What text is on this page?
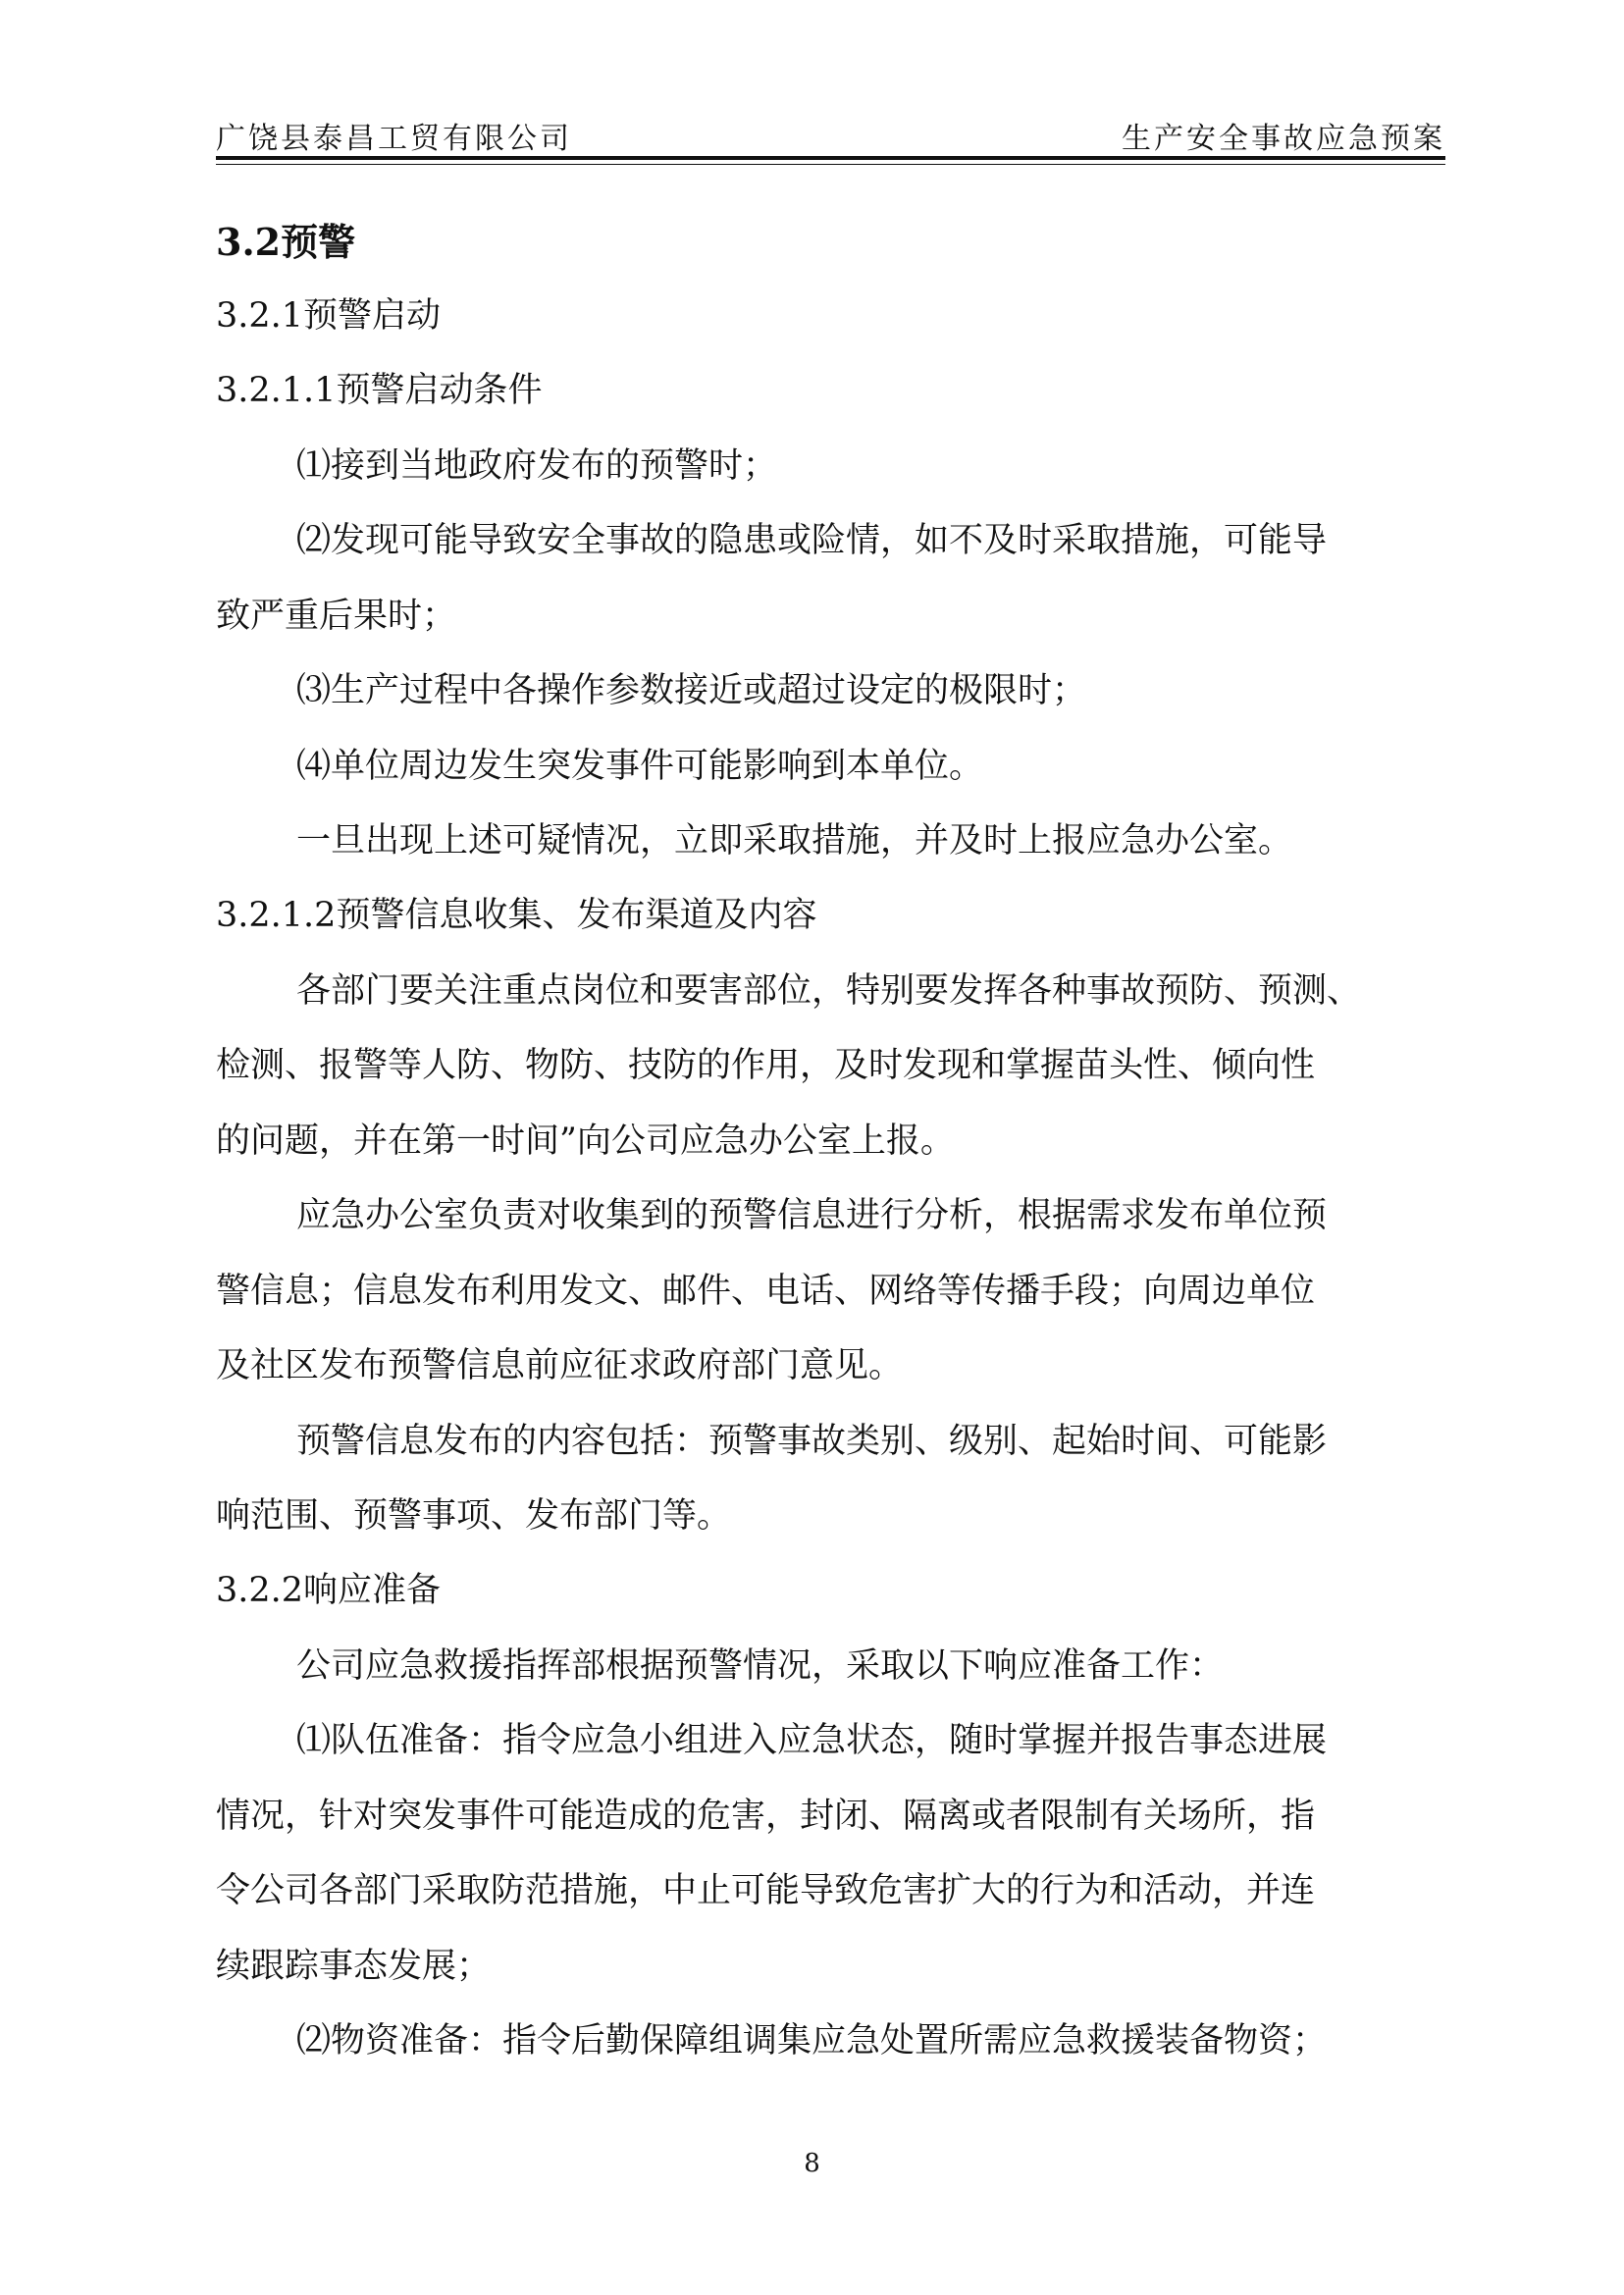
广饶县泰昌工贸有限公司	生产安全事故应急预案
3.2预警
3.2.1预警启动
3.2.1.1预警启动条件
⑴接到当地政府发布的预警时；
⑵发现可能导致安全事故的隐患或险情，如不及时采取措施，可能导
致严重后果时；
⑶生产过程中各操作参数接近或超过设定的极限时；
⑷单位周边发生突发事件可能影响到本单位。
一旦出现上述可疑情况，立即采取措施，并及时上报应急办公室。
3.2.1.2预警信息收集、发布渠道及内容
各部门要关注重点岗位和要害部位，特别要发挥各种事故预防、预测、
检测、报警等人防、物防、技防的作用，及时发现和掌握苗头性、倾向性
的问题，并在第一时间”向公司应急办公室上报。
应急办公室负责对收集到的预警信息进行分析，根据需求发布单位预
警信息；信息发布利用发文、邮件、电话、网络等传播手段；向周边单位
及社区发布预警信息前应征求政府部门意见。
预警信息发布的内容包括：预警事故类别、级别、起始时间、可能影
响范围、预警事项、发布部门等。
3.2.2响应准备
公司应急救援指挥部根据预警情况，采取以下响应准备工作：
⑴队伍准备：指令应急小组进入应急状态，随时掌握并报告事态进展
情况，针对突发事件可能造成的危害，封闭、隔离或者限制有关场所，指
令公司各部门采取防范措施，中止可能导致危害扩大的行为和活动，并连
续跟踪事态发展；
⑵物资准备：指令后勤保障组调集应急处置所需应急救援装备物资；
8
